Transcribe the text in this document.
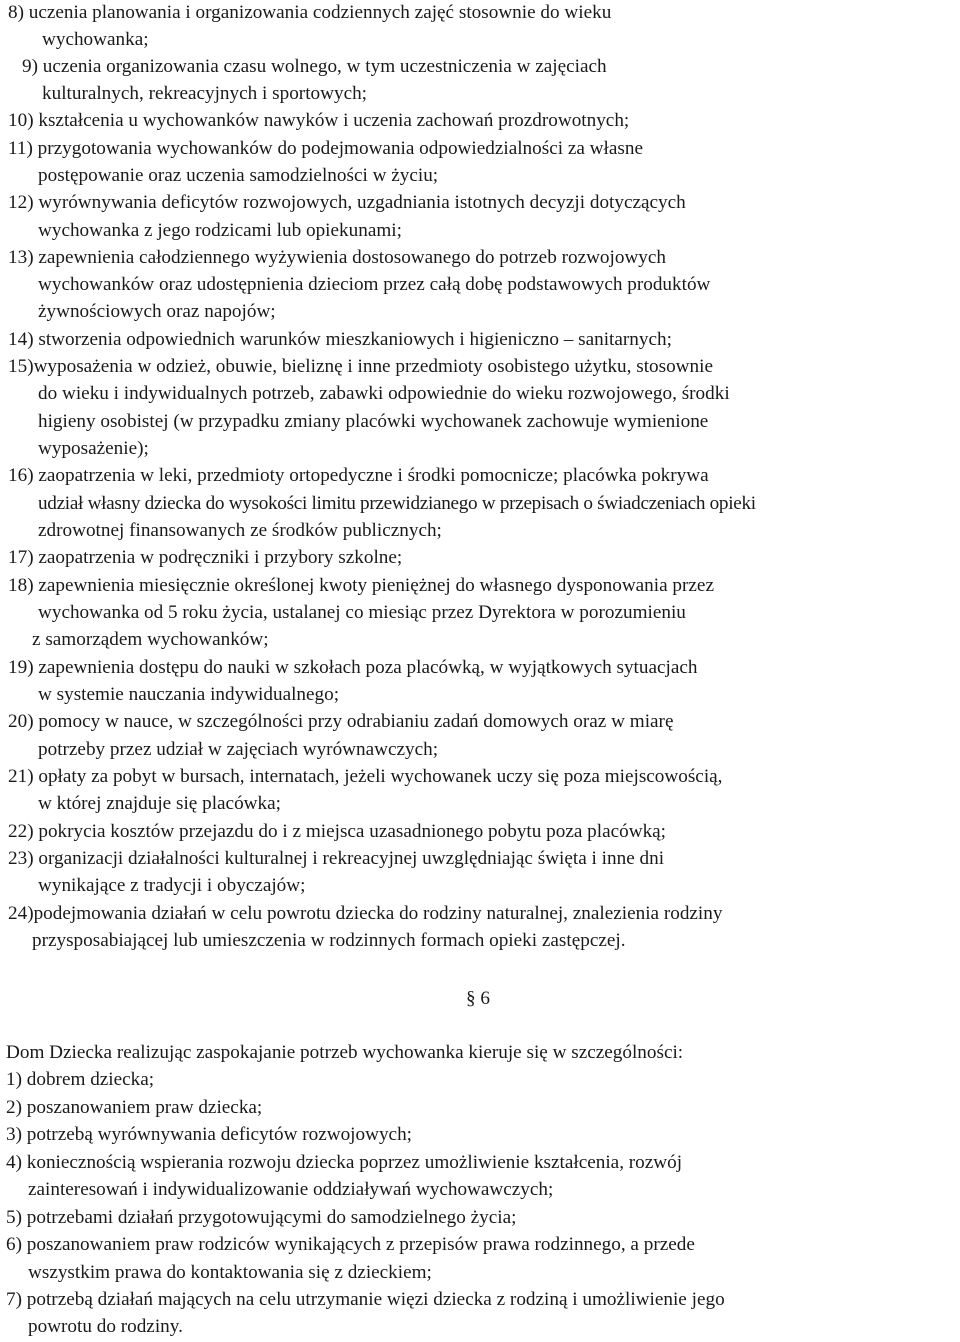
8) uczenia planowania i organizowania codziennych zajęć stosownie do wieku
wychowanka;
9) uczenia organizowania czasu wolnego, w tym uczestniczenia w zajęciach
kulturalnych, rekreacyjnych i sportowych;
10) kształcenia u wychowanków nawyków i uczenia zachowań prozdrowotnych;
11) przygotowania wychowanków do podejmowania odpowiedzialności za własne
postępowanie oraz uczenia samodzielności w życiu;
12) wyrównywania deficytów rozwojowych, uzgadniania istotnych decyzji dotyczących
wychowanka z jego rodzicami lub opiekunami;
13) zapewnienia całodziennego wyżywienia dostosowanego do potrzeb rozwojowych
wychowanków oraz udostępnienia dzieciom przez całą dobę podstawowych produktów
żywnościowych oraz napojów;
14) stworzenia odpowiednich warunków mieszkaniowych i higieniczno – sanitarnych;
15)wyposażenia w odzież, obuwie, bieliznę i inne przedmioty osobistego użytku, stosownie
do wieku i indywidualnych potrzeb, zabawki odpowiednie do wieku rozwojowego, środki
higieny osobistej (w przypadku zmiany placówki wychowanek zachowuje wymienione
wyposażenie);
16) zaopatrzenia w leki, przedmioty ortopedyczne i środki pomocnicze; placówka pokrywa
udział własny dziecka do wysokości limitu przewidzianego w przepisach o świadczeniach opieki
zdrowotnej finansowanych ze środków publicznych;
17) zaopatrzenia w podręczniki i przybory szkolne;
18) zapewnienia miesięcznie określonej kwoty pieniężnej do własnego dysponowania przez
wychowanka od 5 roku życia, ustalanej co miesiąc przez Dyrektora w porozumieniu
z samorządem wychowanków;
19) zapewnienia dostępu do nauki w szkołach poza placówką, w wyjątkowych sytuacjach
w systemie nauczania indywidualnego;
20) pomocy w nauce, w szczególności przy odrabianiu zadań domowych oraz w miarę
potrzeby przez udział w zajęciach wyrównawczych;
21) opłaty za pobyt w bursach, internatach, jeżeli wychowanek uczy się poza miejscowością,
w której znajduje się placówka;
22) pokrycia kosztów przejazdu do i z miejsca uzasadnionego pobytu poza placówką;
23) organizacji działalności kulturalnej i rekreacyjnej uwzględniając święta i inne dni
wynikające z tradycji i obyczajów;
24)podejmowania działań w celu powrotu dziecka do rodziny naturalnej, znalezienia rodziny
przysposabiającej lub umieszczenia w rodzinnych formach opieki zastępczej.
§ 6
Dom Dziecka realizując zaspokajanie potrzeb wychowanka kieruje się w szczególności:
1) dobrem dziecka;
2) poszanowaniem praw dziecka;
3) potrzebą wyrównywania deficytów rozwojowych;
4) koniecznością wspierania rozwoju dziecka poprzez umożliwienie kształcenia, rozwój
zainteresowań i indywidualizowanie oddziaływań wychowawczych;
5) potrzebami działań przygotowującymi do samodzielnego życia;
6) poszanowaniem praw rodziców wynikających z przepisów prawa rodzinnego, a przede
wszystkim prawa do kontaktowania się z dzieckiem;
7) potrzebą działań mających na celu utrzymanie więzi dziecka z rodziną i umożliwienie jego
powrotu do rodziny.
